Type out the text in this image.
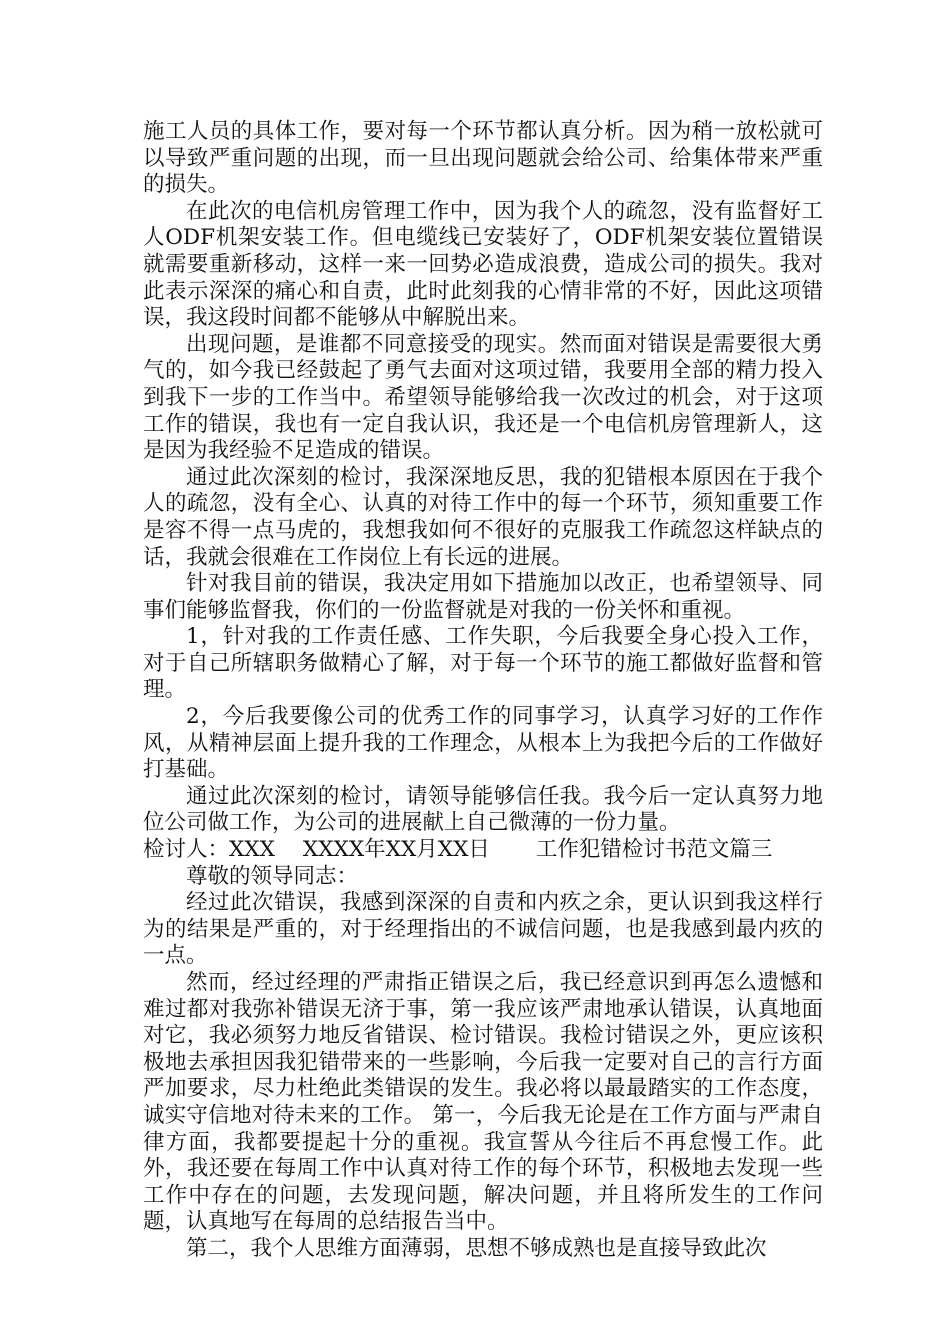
施工人员的具体工作，要对每一个环节都认真分析。因为稍一放松就可以导致严重问题的出现，而一旦出现问题就会给公司、给集体带来严重的损失。

在此次的电信机房管理工作中，因为我个人的疏忽，没有监督好工人ODF机架安装工作。但电缆线已安装好了，ODF机架安装位置错误就需要重新移动，这样一来一回势必造成浪费，造成公司的损失。我对此表示深深的痛心和自责，此时此刻我的心情非常的不好，因此这项错误，我这段时间都不能够从中解脱出来。

出现问题，是谁都不同意接受的现实。然而面对错误是需要很大勇气的，如今我已经鼓起了勇气去面对这项过错，我要用全部的精力投入到我下一步的工作当中。希望领导能够给我一次改过的机会，对于这项工作的错误，我也有一定自我认识，我还是一个电信机房管理新人，这是因为我经验不足造成的错误。

通过此次深刻的检讨，我深深地反思，我的犯错根本原因在于我个人的疏忽，没有全心、认真的对待工作中的每一个环节，须知重要工作是容不得一点马虎的，我想我如何不很好的克服我工作疏忽这样缺点的话，我就会很难在工作岗位上有长远的进展。

针对我目前的错误，我决定用如下措施加以改正，也希望领导、同事们能够监督我，你们的一份监督就是对我的一份关怀和重视。

1，针对我的工作责任感、工作失职，今后我要全身心投入工作，对于自己所辖职务做精心了解，对于每一个环节的施工都做好监督和管理。

2，今后我要像公司的优秀工作的同事学习，认真学习好的工作作风，从精神层面上提升我的工作理念，从根本上为我把今后的工作做好打基础。

通过此次深刻的检讨，请领导能够信任我。我今后一定认真努力地位公司做工作，为公司的进展献上自己微薄的一份力量。

检讨人：XXX XXXX年XX月XX日 工作犯错检讨书范文篇三

尊敬的领导同志：

经过此次错误，我感到深深的自责和内疚之余，更认识到我这样行为的结果是严重的，对于经理指出的不诚信问题，也是我感到最内疚的一点。

然而，经过经理的严肃指正错误之后，我已经意识到再怎么遗憾和难过都对我弥补错误无济于事，第一我应该严肃地承认错误，认真地面对它，我必须努力地反省错误、检讨错误。我检讨错误之外，更应该积极地去承担因我犯错带来的一些影响，今后我一定要对自己的言行方面严加要求，尽力杜绝此类错误的发生。我必将以最最踏实的工作态度，诚实守信地对待未来的工作。 第一，今后我无论是在工作方面与严肃自律方面，我都要提起十分的重视。我宣誓从今往后不再怠慢工作。此外，我还要在每周工作中认真对待工作的每个环节，积极地去发现一些工作中存在的问题，去发现问题，解决问题，并且将所发生的工作问题，认真地写在每周的总结报告当中。

第二，我个人思维方面薄弱，思想不够成熟也是直接导致此次
